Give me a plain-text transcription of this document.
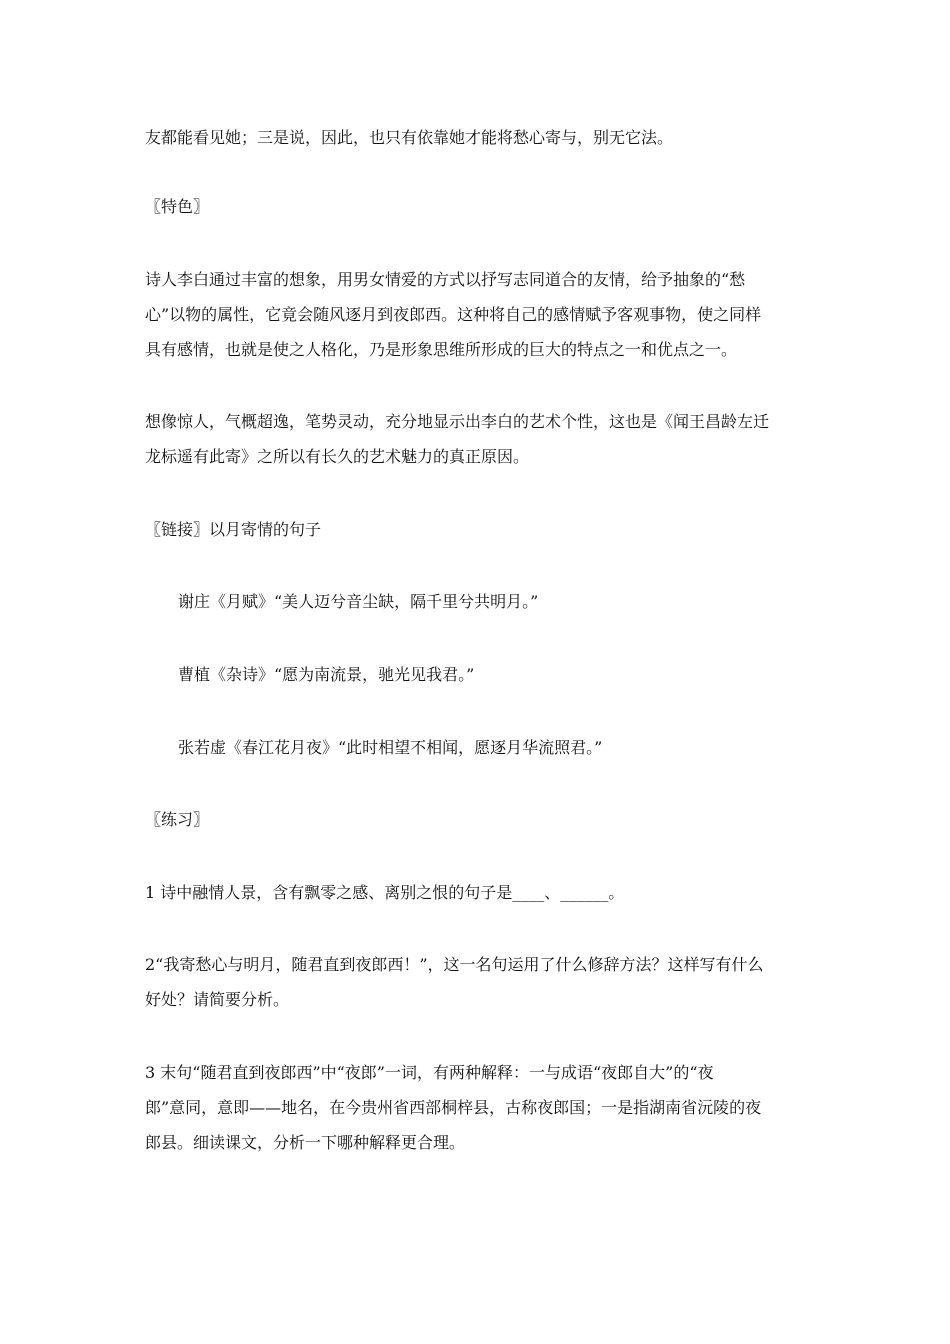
友都能看见她；三是说，因此，也只有依靠她才能将愁心寄与，别无它法。

〖特色〗

诗人李白通过丰富的想象，用男女情爱的方式以抒写志同道合的友情，给予抽象的“愁

心”以物的属性，它竟会随风逐月到夜郎西。这种将自己的感情赋予客观事物，使之同样

具有感情，也就是使之人格化，乃是形象思维所形成的巨大的特点之一和优点之一。

想像惊人，气概超逸，笔势灵动，充分地显示出李白的艺术个性，这也是《闻王昌龄左迁

龙标遥有此寄》之所以有长久的艺术魅力的真正原因。

〖链接〗以月寄情的句子

谢庄《月赋》“美人迈兮音尘缺，隔千里兮共明月。”

曹植《杂诗》“愿为南流景，驰光见我君。”

张若虚《春江花月夜》“此时相望不相闻，愿逐月华流照君。”

〖练习〗

1 诗中融情人景，含有飘零之感、离别之恨的句子是____、______。

2“我寄愁心与明月，随君直到夜郎西！”，这一名句运用了什么修辞方法？这样写有什么

好处？请简要分析。

3 末句“随君直到夜郎西”中“夜郎”一词，有两种解释：一与成语“夜郎自大”的“夜

郎”意同，意即——地名，在今贵州省西部桐梓县，古称夜郎国；一是指湖南省沅陵的夜

郎县。细读课文，分析一下哪种解释更合理。
